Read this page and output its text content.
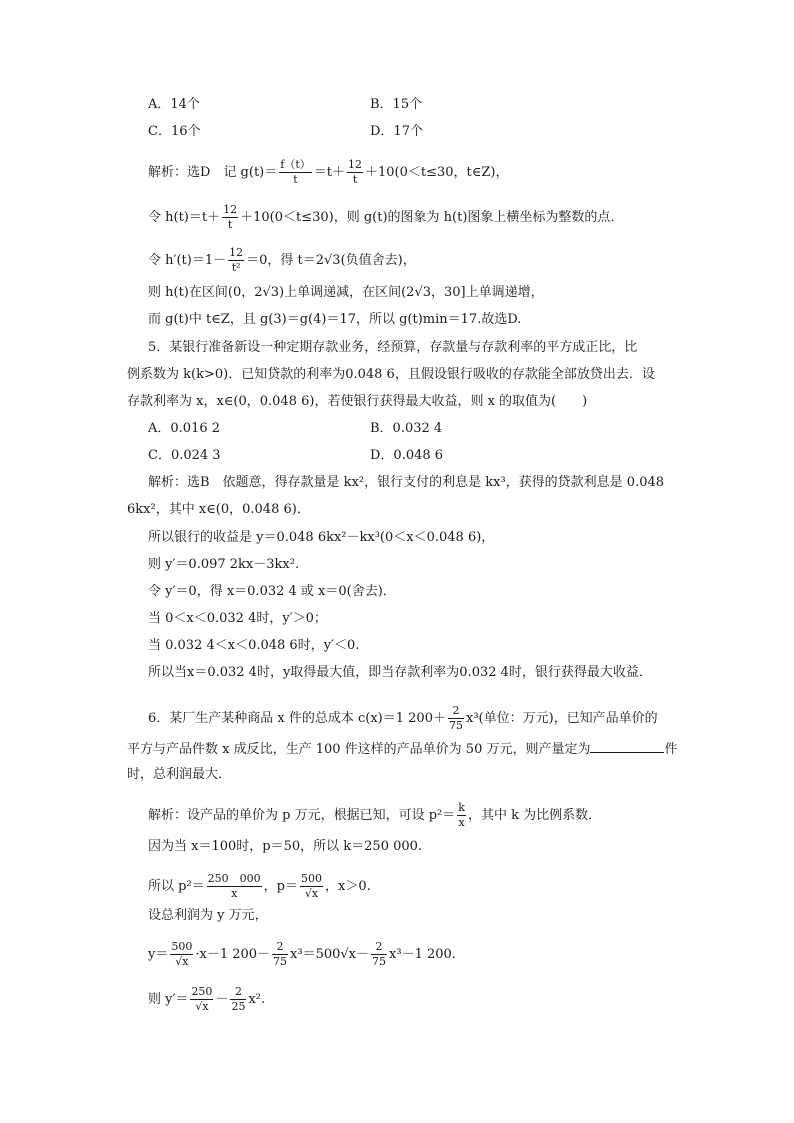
A．14个	B．15个
C．16个	D．17个
解析：选D　记 $g(t)= \frac{f(t)}{t} =t+ \frac{12}{t} +10(0<t\le 30$，t∈Z)，
令 $h(t)=t+ \frac{12}{t} +10(0<t\le 30)$，则 g(t)的图象为 h(t)图象上横坐标为整数的点．
令 $h'(t)=1- \frac{12}{\text{t²}} =0$，得 t＝2√3(负值舍去)，
则 h(t)在区间(0，2√3)上单调递减，在区间(2√3，30]上单调递增，
而 g(t)中 t∈Z，且 g(3)＝g(4)＝17，所以 g(t)min＝17.故选D.
5．某银行准备新设一种定期存款业务，经预算，存款量与存款利率的平方成正比，比
例系数为 k(k>0)．已知贷款的利率为0.048 6，且假设银行吸收的存款能全部放贷出去．设
存款利率为 x，x∈(0，0.048 6)，若使银行获得最大收益，则 x 的取值为(　　)
A．0.016 2	B．0.032 4
C．0.024 3	D．0.048 6
解析：选B　依题意，得存款量是 kx²，银行支付的利息是 kx³，获得的贷款利息是 0.048
6kx²，其中 x∈(0，0.048 6)．
所以银行的收益是 y＝0.048 6kx²－kx³(0＜x＜0.048 6)，
则 y′＝0.097 2kx－3kx².
令 y′＝0，得 x＝0.032 4 或 x＝0(舍去)．
当 0＜x＜0.032 4时，y′＞0；
当 0.032 4＜x＜0.048 6时，y′＜0.
所以当x＝0.032 4时，y取得最大值，即当存款利率为0.032 4时，银行获得最大收益．
6．某厂生产某种商品 x 件的总成本 c(x)＝1 $200+ \frac{2}{75} x^3$(单位：万元)，已知产品单价的
平方与产品件数 x 成反比，生产 100 件这样的产品单价为 50 万元，则产量定为	件
时，总利润最大．
解析：设产品的单价为 p 万元，根据已知，可设 $p^2= \frac{k}{x}$ ，其中 k 为比例系数．
因为当 x＝100时，p＝50，所以 k＝250 000.
所以 $p^2= \frac{250 000}{x}$ ，$p= \frac{500}{√x}$ ，x＞0.
设总利润为 y 万元，
$y= \frac{500}{√x} \cdot x-1$ $200- \frac{2}{75} x^3=500√x- \frac{2}{75} x^3-1$ 200.
则 $y'= \frac{250}{√x} - \frac{2}{25} x^2$.
